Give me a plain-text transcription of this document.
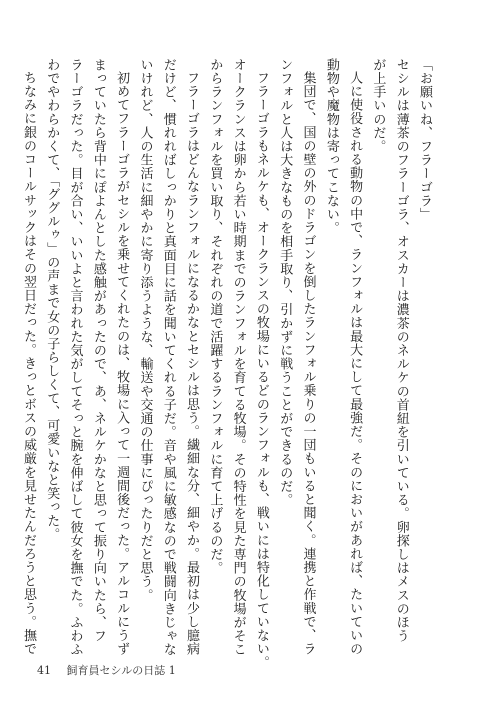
「お願いね、フラーゴラ」
セシルは薄茶のフラーゴラ、オスカーは濃茶のネルケの首紐を引いている。卵探しはメスのほう
が上手いのだ。
人に使役される動物の中で、ランフォルは最大にして最強だ。そのにおいがあれば、たいていの
動物や魔物は寄ってこない。
集団で、国の壁の外のドラゴンを倒したランフォル乗りの一団もいると聞く。連携と作戦で、ラ
ンフォルと人は大きなものを相手取り、引かずに戦うことができるのだ。
フラーゴラもネルケも、オークランスの牧場にいるどのランフォルも、戦いには特化していない。
オークランスは卵から若い時期までのランフォルを育てる牧場。その特性を見た専門の牧場がそこ
からランフォルを買い取り、それぞれの道で活躍するランフォルに育て上げるのだ。
フラーゴラはどんなランフォルになるかなとセシルは思う。繊細な分、細やか。最初は少し臆病
だけど、慣れればしっかりと真面目に話を聞いてくれる子だ。音や風に敏感なので戦闘向きじゃな
いけれど、人の生活に細やかに寄り添うような、輸送や交通の仕事にぴったりだと思う。
初めてフラーゴラがセシルを乗せてくれたのは、牧場に入って一週間後だった。アルコルにうず
まっていたら背中にぽよんとした感触があったので、あ、ネルケかなと思って振り向いたら、フ
ラーゴラだった。目が合い、いいよと言われた気がしてそっと腕を伸ばして彼女を撫でた。ふわふ
わでやわらかくて、「ググルゥ」の声まで女の子らしくて、可愛いなと笑った。
ちなみに銀のコールサックはその翌日だった。きっとボスの威厳を見せたんだろうと思う。撫で
41 飼育員セシルの日誌 1
